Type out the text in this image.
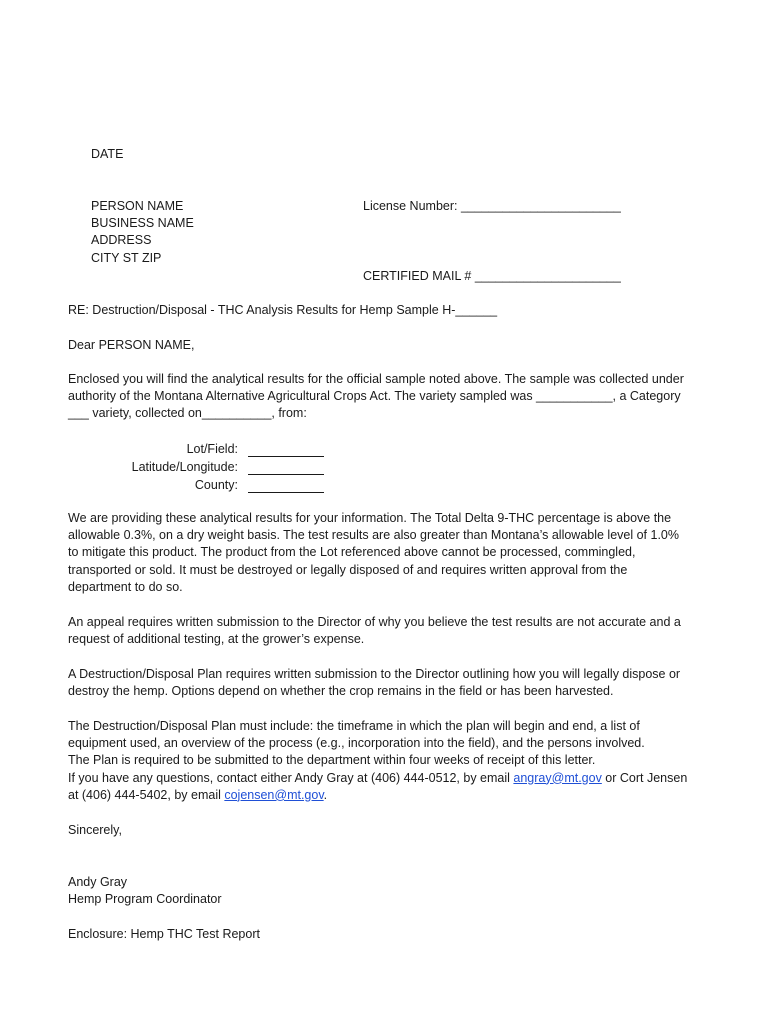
DATE
PERSON NAME
BUSINESS NAME
ADDRESS
CITY ST ZIP
License Number: _______________________
CERTIFIED MAIL # _____________________
RE: Destruction/Disposal - THC Analysis Results for Hemp Sample H-______
Dear PERSON NAME,
Enclosed you will find the analytical results for the official sample noted above. The sample was collected under
authority of the Montana Alternative Agricultural Crops Act. The variety sampled was ___________, a Category
___ variety, collected on__________, from:
Lot/Field:
Latitude/Longitude:
County:
We are providing these analytical results for your information. The Total Delta 9-THC percentage is above the
allowable 0.3%, on a dry weight basis. The test results are also greater than Montana’s allowable level of 1.0%
to mitigate this product. The product from the Lot referenced above cannot be processed, commingled,
transported or sold. It must be destroyed or legally disposed of and requires written approval from the
department to do so.
An appeal requires written submission to the Director of why you believe the test results are not accurate and a
request of additional testing, at the grower’s expense.
A Destruction/Disposal Plan requires written submission to the Director outlining how you will legally dispose or
destroy the hemp. Options depend on whether the crop remains in the field or has been harvested.
The Destruction/Disposal Plan must include: the timeframe in which the plan will begin and end, a list of
equipment used, an overview of the process (e.g., incorporation into the field), and the persons involved.
The Plan is required to be submitted to the department within four weeks of receipt of this letter.
If you have any questions, contact either Andy Gray at (406) 444-0512, by email angray@mt.gov or Cort Jensen
at (406) 444-5402, by email cojensen@mt.gov.
Sincerely,
Andy Gray
Hemp Program Coordinator
Enclosure: Hemp THC Test Report
